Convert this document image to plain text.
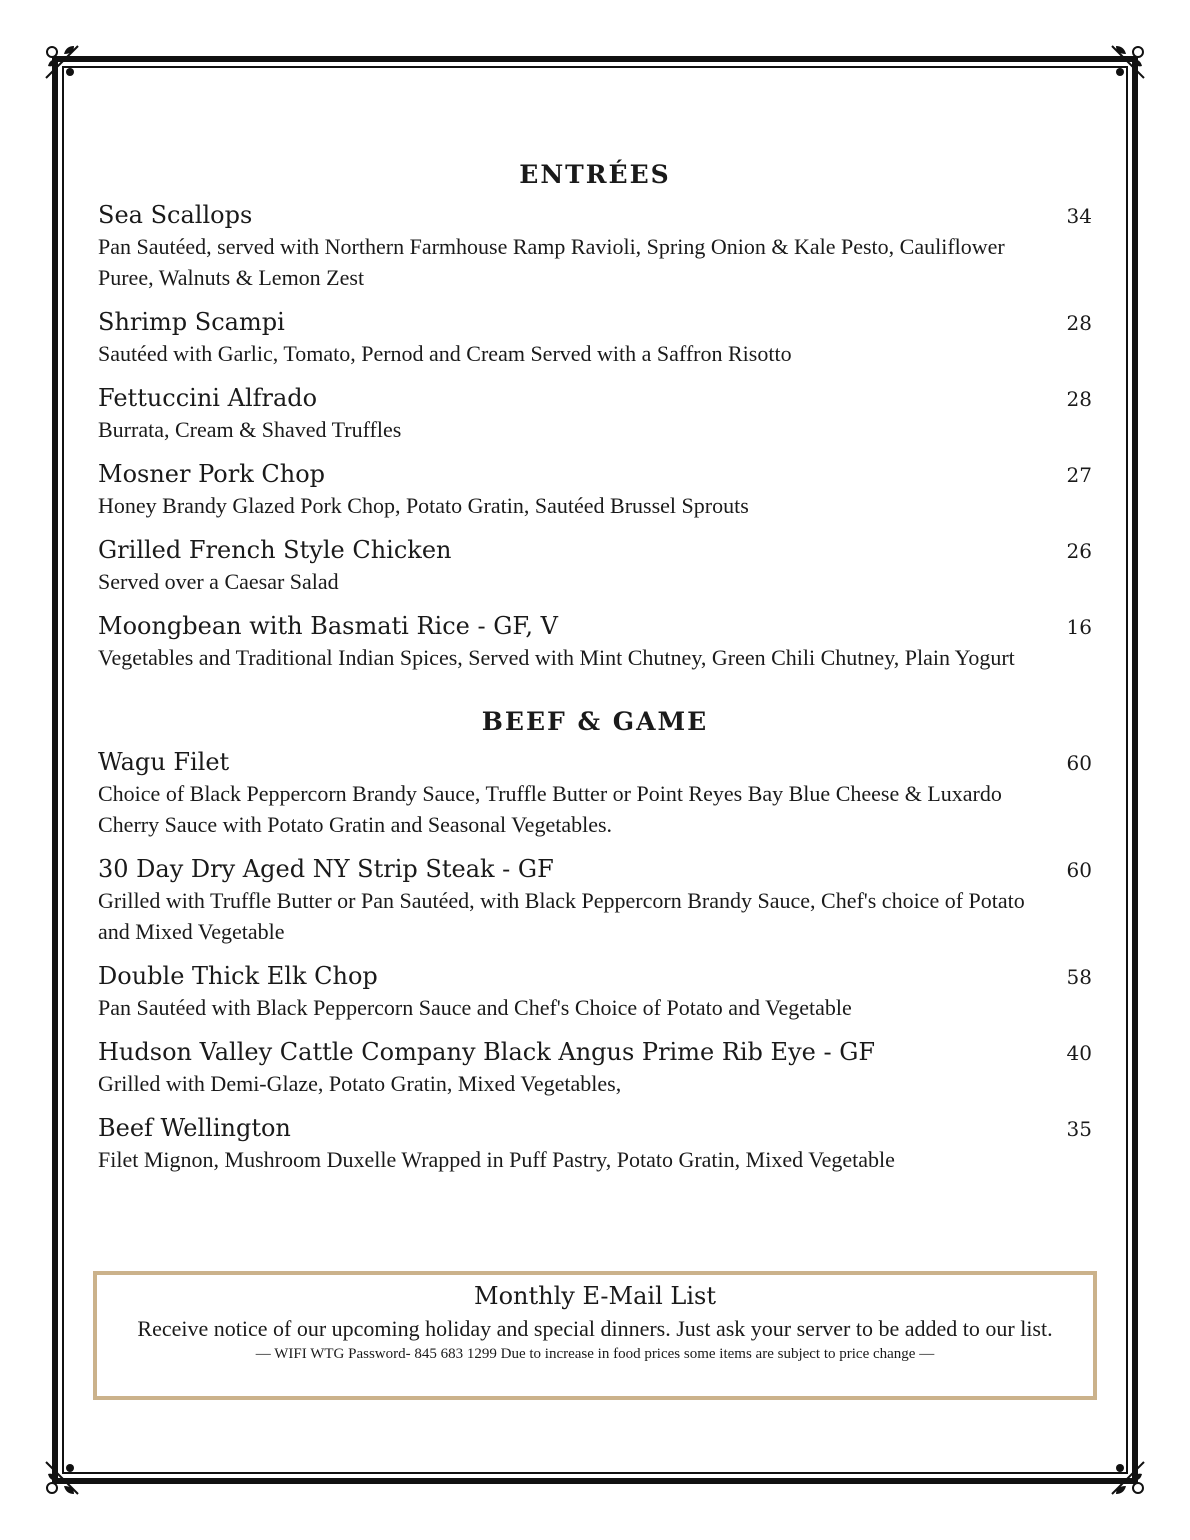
ENTRÉES
Sea Scallops	34
Pan Sautéed, served with Northern Farmhouse Ramp Ravioli, Spring Onion & Kale Pesto, Cauliflower Puree, Walnuts & Lemon Zest
Shrimp Scampi	28
Sautéed with Garlic, Tomato, Pernod and Cream Served with a Saffron Risotto
Fettuccini Alfrado	28
Burrata, Cream & Shaved Truffles
Mosner Pork Chop	27
Honey Brandy Glazed Pork Chop, Potato Gratin, Sautéed Brussel Sprouts
Grilled French Style Chicken	26
Served over a Caesar Salad
Moongbean with Basmati Rice - GF, V	16
Vegetables and Traditional Indian Spices, Served with Mint Chutney, Green Chili Chutney, Plain Yogurt
BEEF & GAME
Wagu Filet	60
Choice of Black Peppercorn Brandy Sauce, Truffle Butter or Point Reyes Bay Blue Cheese & Luxardo Cherry Sauce with Potato Gratin and Seasonal Vegetables.
30 Day Dry Aged NY Strip Steak - GF	60
Grilled with Truffle Butter or Pan Sautéed, with Black Peppercorn Brandy Sauce, Chef's choice of Potato and Mixed Vegetable
Double Thick Elk Chop	58
Pan Sautéed with Black Peppercorn Sauce and Chef's Choice of Potato and Vegetable
Hudson Valley Cattle Company Black Angus Prime Rib Eye - GF	40
Grilled with Demi-Glaze, Potato Gratin, Mixed Vegetables,
Beef Wellington	35
Filet Mignon, Mushroom Duxelle Wrapped in Puff Pastry, Potato Gratin, Mixed Vegetable
Monthly E-Mail List
Receive notice of our upcoming holiday and special dinners. Just ask your server to be added to our list.
— WIFI WTG Password- 845 683 1299 Due to increase in food prices some items are subject to price change —
